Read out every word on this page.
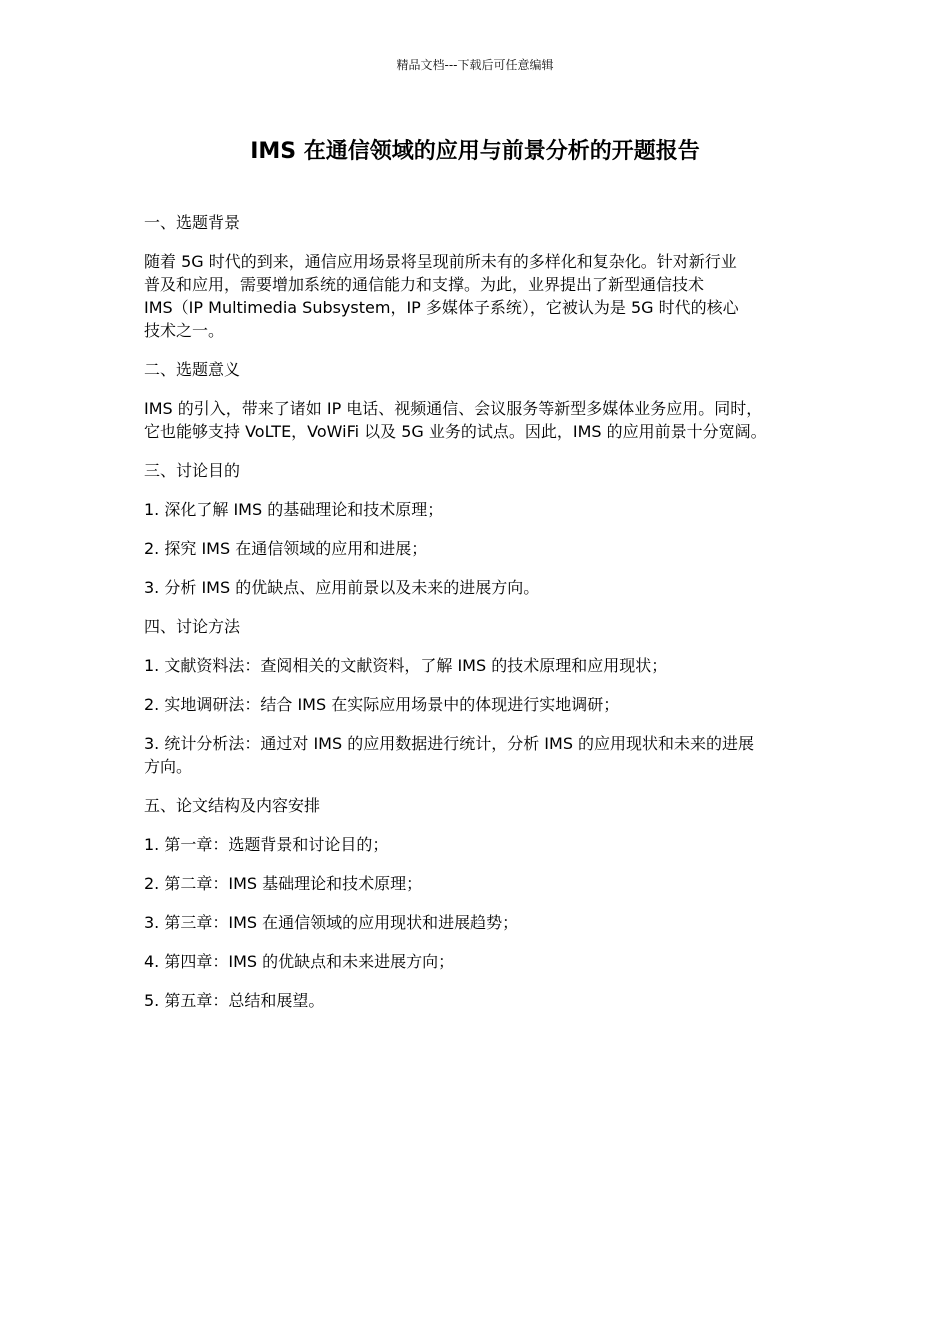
精品文档---下载后可任意编辑
IMS 在通信领域的应用与前景分析的开题报告

一、选题背景

随着 5G 时代的到来，通信应用场景将呈现前所未有的多样化和复杂化。针对新行业
普及和应用，需要增加系统的通信能力和支撑。为此，业界提出了新型通信技术
IMS（IP Multimedia Subsystem，IP 多媒体子系统），它被认为是 5G 时代的核心
技术之一。

二、选题意义

IMS 的引入，带来了诸如 IP 电话、视频通信、会议服务等新型多媒体业务应用。同时，
它也能够支持 VoLTE，VoWiFi 以及 5G 业务的试点。因此，IMS 的应用前景十分宽阔。

三、讨论目的

1. 深化了解 IMS 的基础理论和技术原理；

2. 探究 IMS 在通信领域的应用和进展；

3. 分析 IMS 的优缺点、应用前景以及未来的进展方向。

四、讨论方法

1. 文献资料法：查阅相关的文献资料，了解 IMS 的技术原理和应用现状；

2. 实地调研法：结合 IMS 在实际应用场景中的体现进行实地调研；

3. 统计分析法：通过对 IMS 的应用数据进行统计，分析 IMS 的应用现状和未来的进展
方向。

五、论文结构及内容安排

1. 第一章：选题背景和讨论目的；

2. 第二章：IMS 基础理论和技术原理；

3. 第三章：IMS 在通信领域的应用现状和进展趋势；

4. 第四章：IMS 的优缺点和未来进展方向；

5. 第五章：总结和展望。
